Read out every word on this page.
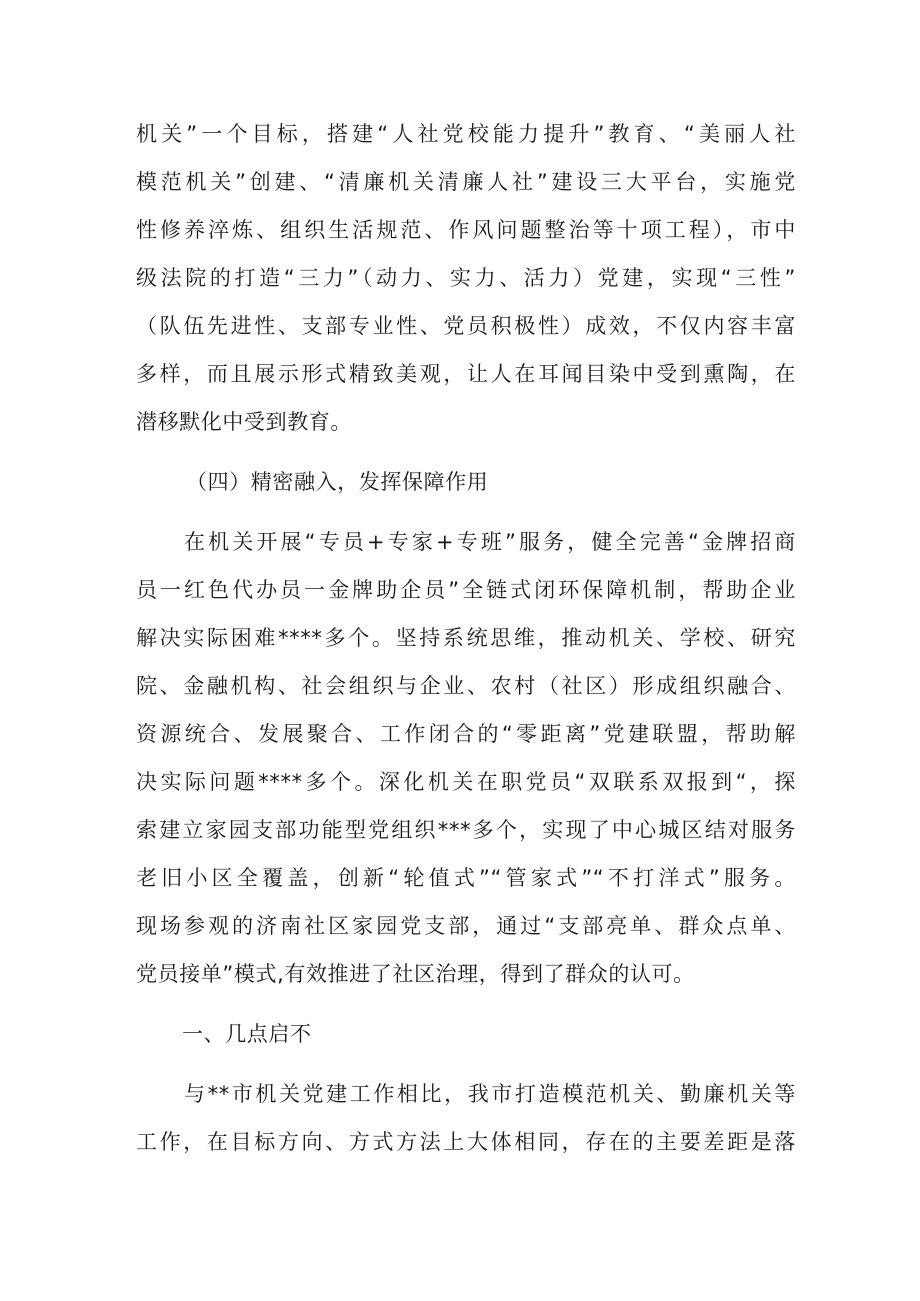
机关”一个目标，搭建“人社党校能力提升”教育、“美丽人社
模范机关”创建、“清廉机关清廉人社”建设三大平台，实施党
性修养淬炼、组织生活规范、作风问题整治等十项工程），市中
级法院的打造“三力”（动力、实力、活力）党建，实现“三性”
（队伍先进性、支部专业性、党员积极性）成效，不仅内容丰富
多样，而且展示形式精致美观，让人在耳闻目染中受到熏陶，在
潜移默化中受到教育。
（四）精密融入，发挥保障作用
在机关开展“专员+专家+专班”服务，健全完善“金牌招商
员一红色代办员一金牌助企员”全链式闭环保障机制，帮助企业
解决实际困难****多个。坚持系统思维，推动机关、学校、研究
院、金融机构、社会组织与企业、农村（社区）形成组织融合、
资源统合、发展聚合、工作闭合的“零距离”党建联盟，帮助解
决实际问题****多个。深化机关在职党员“双联系双报到“，探
索建立家园支部功能型党组织***多个，实现了中心城区结对服务
老旧小区全覆盖，创新“轮值式”“管家式”“不打洋式”服务。
现场参观的济南社区家园党支部，通过“支部亮单、群众点单、
党员接单”模式,有效推进了社区治理，得到了群众的认可。
一、几点启不
与**市机关党建工作相比，我市打造模范机关、勤廉机关等
工作，在目标方向、方式方法上大体相同，存在的主要差距是落
